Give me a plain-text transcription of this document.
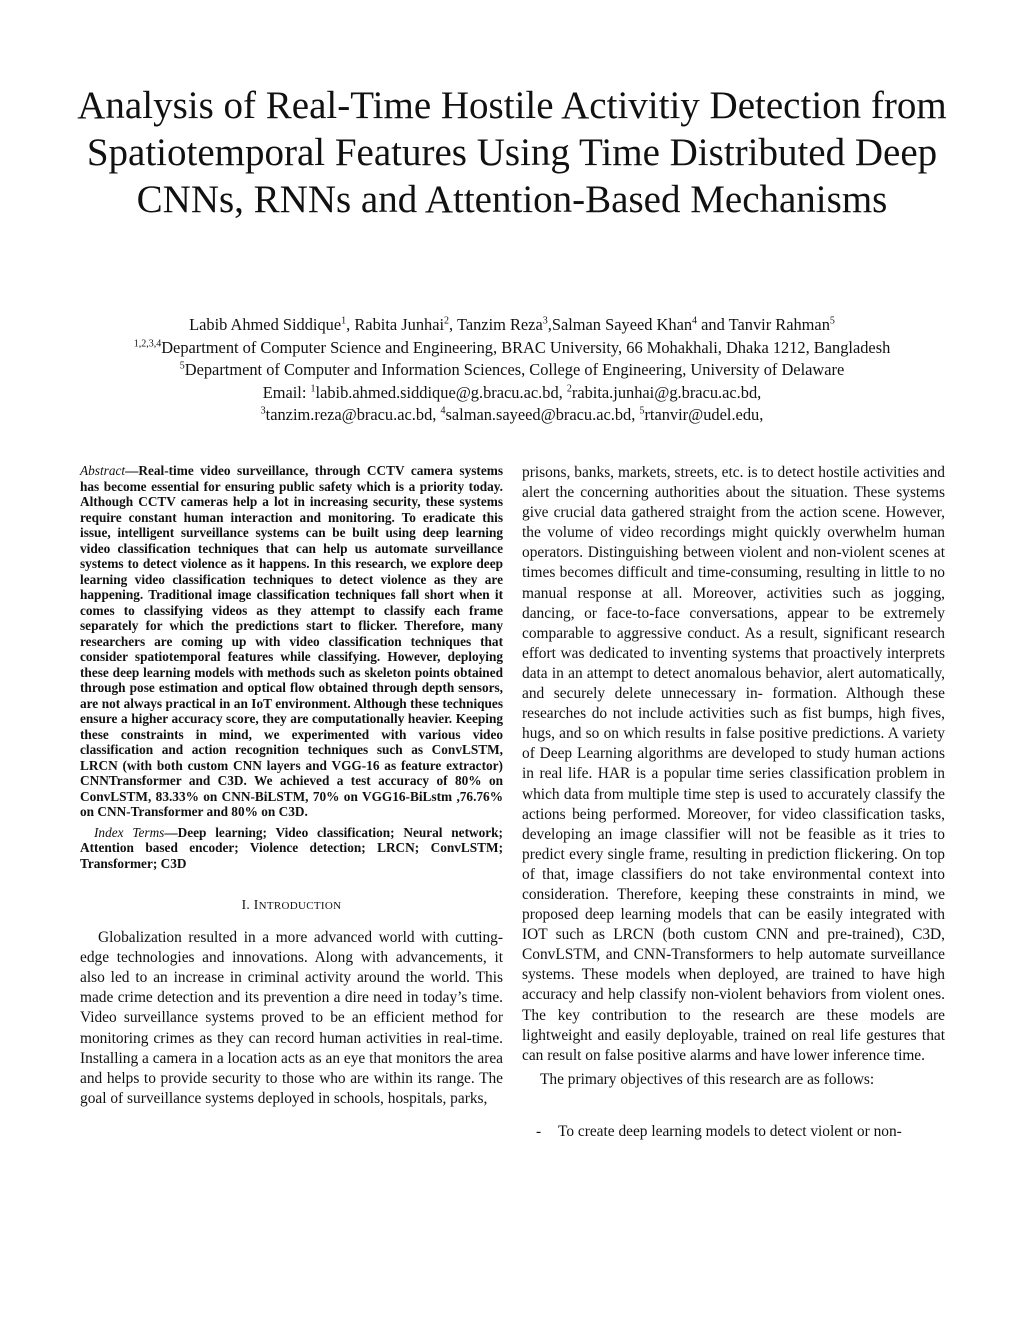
Analysis of Real-Time Hostile Activitiy Detection from Spatiotemporal Features Using Time Distributed Deep CNNs, RNNs and Attention-Based Mechanisms
Labib Ahmed Siddique$^1$, Rabita Junhai$^2$, Tanzim Reza$^3$,Salman Sayeed Khan$^4$ and Tanvir Rahman$^5$
$^{1,2,3,4}$Department of Computer Science and Engineering, BRAC University, 66 Mohakhali, Dhaka 1212, Bangladesh
$^5$Department of Computer and Information Sciences, College of Engineering, University of Delaware
Email: $^1$labib.ahmed.siddique@g.bracu.ac.bd, $^2$rabita.junhai@g.bracu.ac.bd,
$^3$tanzim.reza@bracu.ac.bd, $^4$salman.sayeed@bracu.ac.bd, $^5$rtanvir@udel.edu,

Abstract—Real-time video surveillance, through CCTV camera systems has become essential for ensuring public safety which is a priority today. Although CCTV cameras help a lot in increasing security, these systems require constant human interaction and monitoring. To eradicate this issue, intelligent surveillance systems can be built using deep learning video classification techniques that can help us automate surveillance systems to detect violence as it happens. In this research, we explore deep learning video classification techniques to detect violence as they are happening. Traditional image classification techniques fall short when it comes to classifying videos as they attempt to classify each frame separately for which the predictions start to flicker. Therefore, many researchers are coming up with video classification techniques that consider spatiotemporal features while classifying. However, deploying these deep learning models with methods such as skeleton points obtained through pose estimation and optical flow obtained through depth sensors, are not always practical in an IoT environment. Although these techniques ensure a higher accuracy score, they are computationally heavier. Keeping these constraints in mind, we experimented with various video classification and action recognition techniques such as ConvLSTM, LRCN (with both custom CNN layers and VGG-16 as feature extractor) CNNTransformer and C3D. We achieved a test accuracy of 80% on ConvLSTM, 83.33% on CNN-BiLSTM, 70% on VGG16-BiLstm ,76.76% on CNN-Transformer and 80% on C3D.

Index Terms—Deep learning; Video classification; Neural network; Attention based encoder; Violence detection; LRCN; ConvLSTM; Transformer; C3D

I. INTRODUCTION

Globalization resulted in a more advanced world with cutting-edge technologies and innovations. Along with advancements, it also led to an increase in criminal activity around the world. This made crime detection and its prevention a dire need in today’s time. Video surveillance systems proved to be an efficient method for monitoring crimes as they can record human activities in real-time. Installing a camera in a location acts as an eye that monitors the area and helps to provide security to those who are within its range. The goal of surveillance systems deployed in schools, hospitals, parks,

prisons, banks, markets, streets, etc. is to detect hostile activities and alert the concerning authorities about the situation. These systems give crucial data gathered straight from the action scene. However, the volume of video recordings might quickly overwhelm human operators. Distinguishing between violent and non-violent scenes at times becomes difficult and time-consuming, resulting in little to no manual response at all. Moreover, activities such as jogging, dancing, or face-to-face conversations, appear to be extremely comparable to aggressive conduct. As a result, significant research effort was dedicated to inventing systems that proactively interprets data in an attempt to detect anomalous behavior, alert automatically, and securely delete unnecessary in- formation. Although these researches do not include activities such as fist bumps, high fives, hugs, and so on which results in false positive predictions. A variety of Deep Learning algorithms are developed to study human actions in real life. HAR is a popular time series classification problem in which data from multiple time step is used to accurately classify the actions being performed. Moreover, for video classification tasks, developing an image classifier will not be feasible as it tries to predict every single frame, resulting in prediction flickering. On top of that, image classifiers do not take environmental context into consideration. Therefore, keeping these constraints in mind, we proposed deep learning models that can be easily integrated with IOT such as LRCN (both custom CNN and pre-trained), C3D, ConvLSTM, and CNN-Transformers to help automate surveillance systems. These models when deployed, are trained to have high accuracy and help classify non-violent behaviors from violent ones. The key contribution to the research are these models are lightweight and easily deployable, trained on real life gestures that can result on false positive alarms and have lower inference time.

The primary objectives of this research are as follows:

- To create deep learning models to detect violent or non-
